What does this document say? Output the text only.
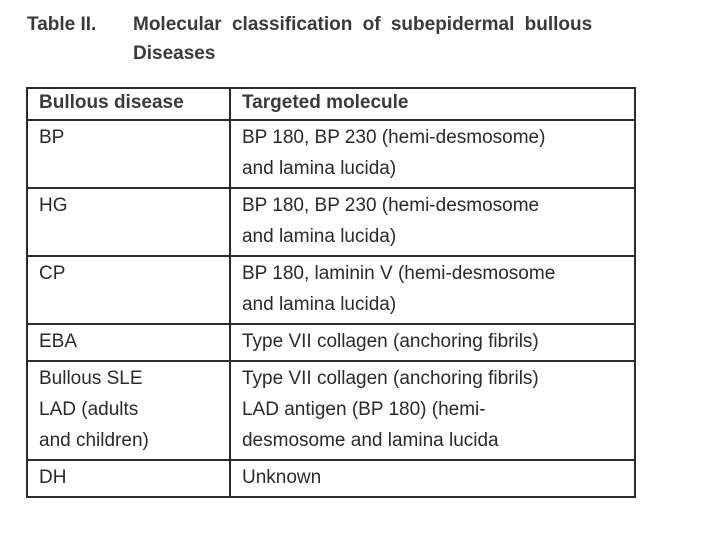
Table II. Molecular classification of subepidermal bullous Diseases
Bullous disease	Targeted molecule

BP	BP 180, BP 230 (hemi-desmosome)
and lamina lucida)

HG	BP 180, BP 230 (hemi-desmosome
and lamina lucida)

CP	BP 180, laminin V (hemi-desmosome
and lamina lucida)

EBA	Type VII collagen (anchoring fibrils)

Bullous SLE
LAD (adults
and children)	Type VII collagen (anchoring fibrils)
LAD antigen (BP 180) (hemi-
desmosome and lamina lucida

DH	Unknown
